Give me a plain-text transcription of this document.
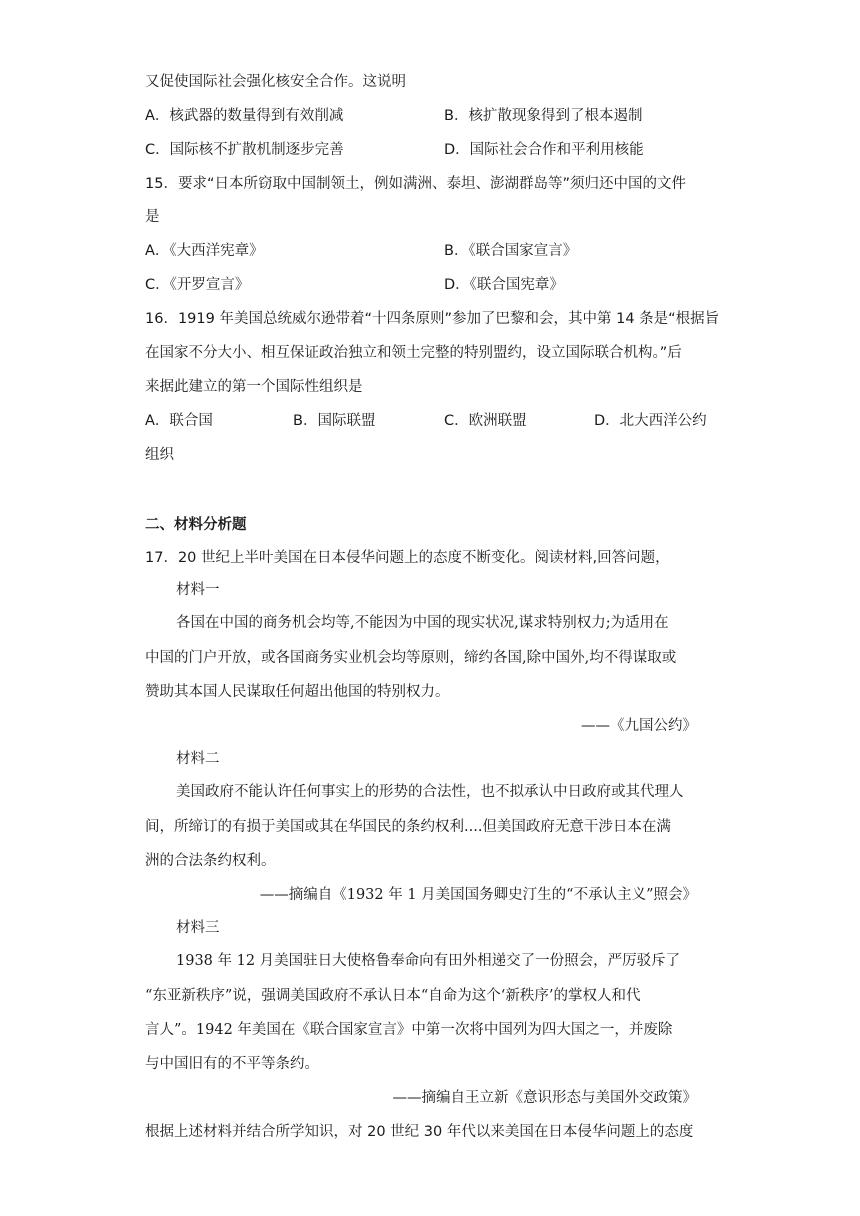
又促使国际社会强化核安全合作。这说明
A．核武器的数量得到有效削减	B．核扩散现象得到了根本遏制
C．国际核不扩散机制逐步完善	D．国际社会合作和平利用核能
15．要求“日本所窃取中国制领土，例如满洲、泰坦、澎湖群岛等”须归还中国的文件
是
A．《大西洋宪章》	B．《联合国家宣言》
C．《开罗宣言》	D．《联合国宪章》
16．1919 年美国总统威尔逊带着“十四条原则”参加了巴黎和会，其中第 14 条是“根据旨
在国家不分大小、相互保证政治独立和领土完整的特别盟约，设立国际联合机构。”后
来据此建立的第一个国际性组织是
A．联合国	B．国际联盟	C．欧洲联盟	D．北大西洋公约
组织
二、材料分析题
17．20 世纪上半叶美国在日本侵华问题上的态度不断变化。阅读材料,回答问题，
材料一
各国在中国的商务机会均等,不能因为中国的现实状况,谋求特别权力;为适用在
中国的门户开放，或各国商务实业机会均等原则，缔约各国,除中国外,均不得谋取或
赞助其本国人民谋取任何超出他国的特别权力。
——《九国公约》
材料二
美国政府不能认许任何事实上的形势的合法性，也不拟承认中日政府或其代理人
间，所缔订的有损于美国或其在华国民的条约权利....但美国政府无意干涉日本在满
洲的合法条约权利。
——摘编自《1932 年 1 月美国国务卿史汀生的“不承认主义”照会》
材料三
1938 年 12 月美国驻日大使格鲁奉命向有田外相递交了一份照会，严厉驳斥了
“东亚新秩序”说，强调美国政府不承认日本“自命为这个‘新秩序’的掌权人和代
言人”。1942 年美国在《联合国家宣言》中第一次将中国列为四大国之一，并废除
与中国旧有的不平等条约。
——摘编自王立新《意识形态与美国外交政策》
根据上述材料并结合所学知识，对 20 世纪 30 年代以来美国在日本侵华问题上的态度
